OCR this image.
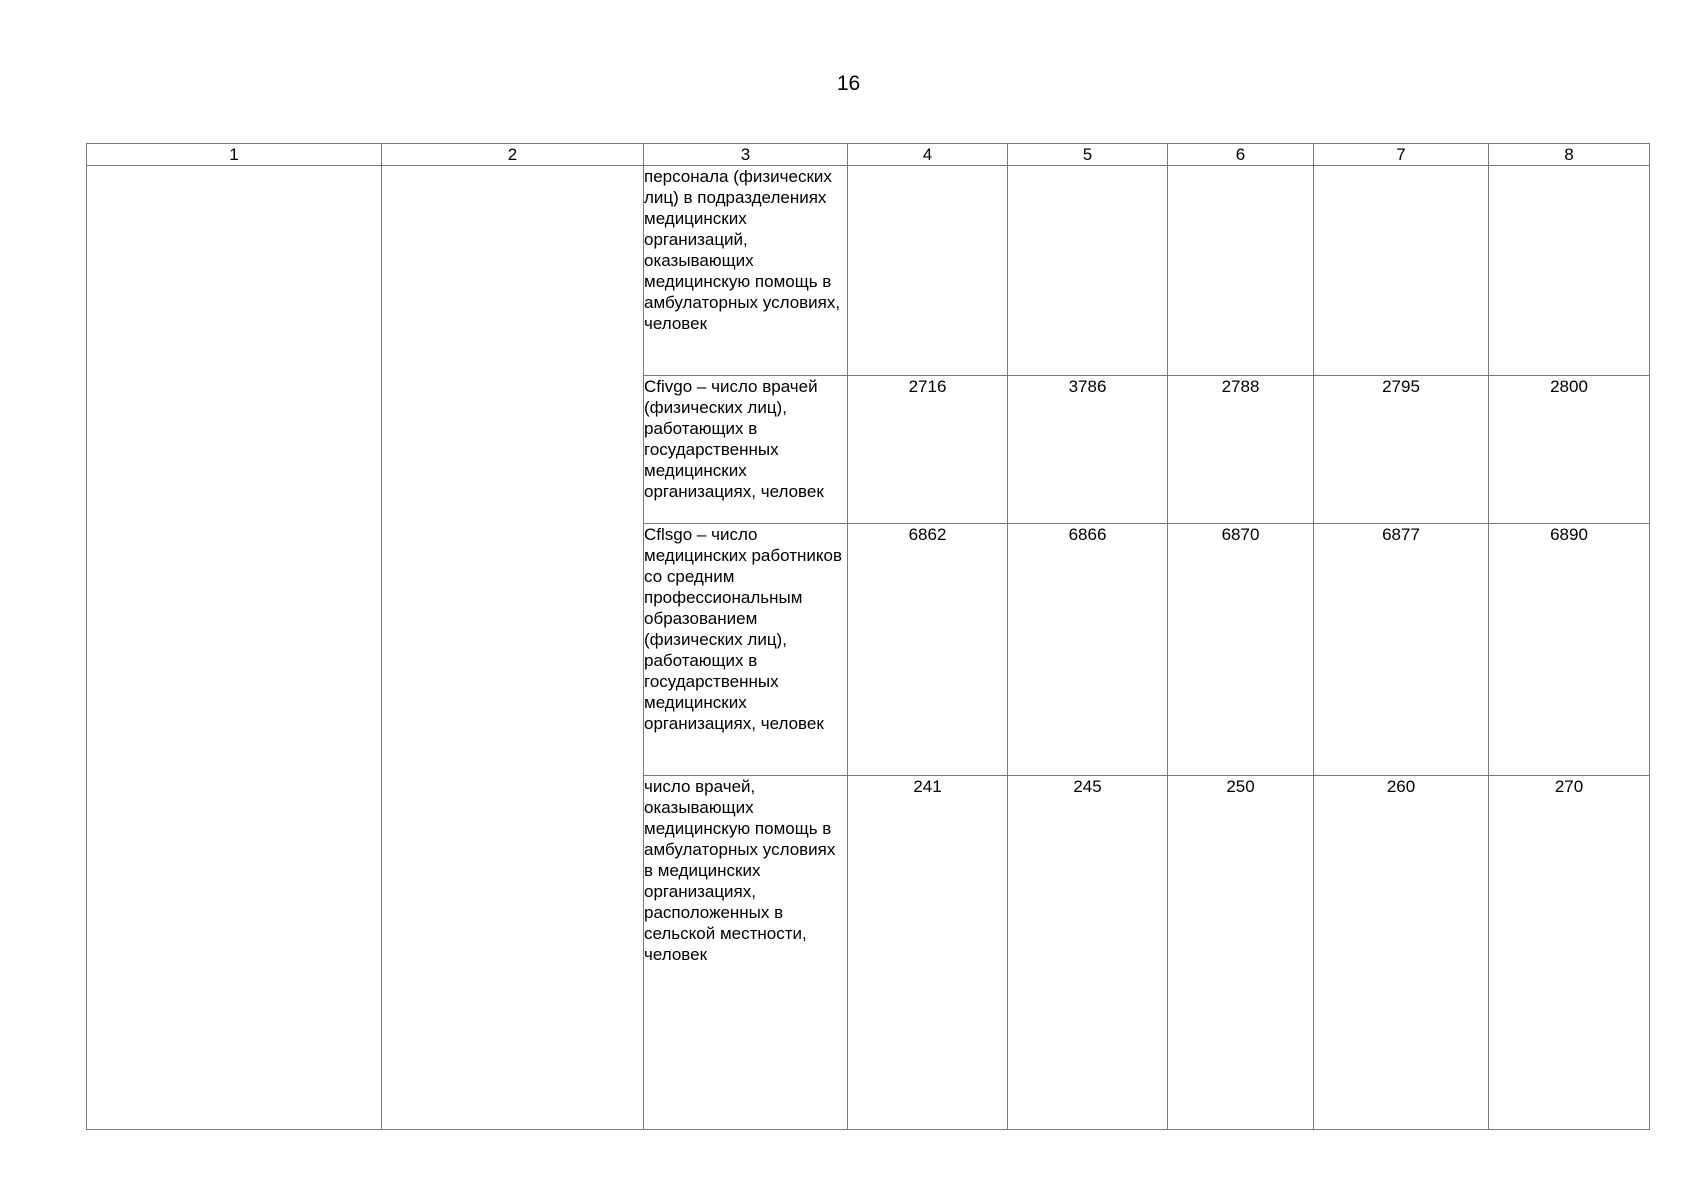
16
1	2	3	4	5	6	7	8
		персонала (физических лиц) в подразделениях медицинских организаций, оказывающих медицинскую помощь в амбулаторных условиях, человек					
		Cfivgo – число врачей (физических лиц), работающих в государственных медицинских организациях, человек	2716	3786	2788	2795	2800
		Cflsgo – число медицинских работников со средним профессиональным образованием (физических лиц), работающих в государственных медицинских организациях, человек	6862	6866	6870	6877	6890
		число врачей, оказывающих медицинскую помощь в амбулаторных условиях в медицинских организациях, расположенных в сельской местности, человек	241	245	250	260	270
